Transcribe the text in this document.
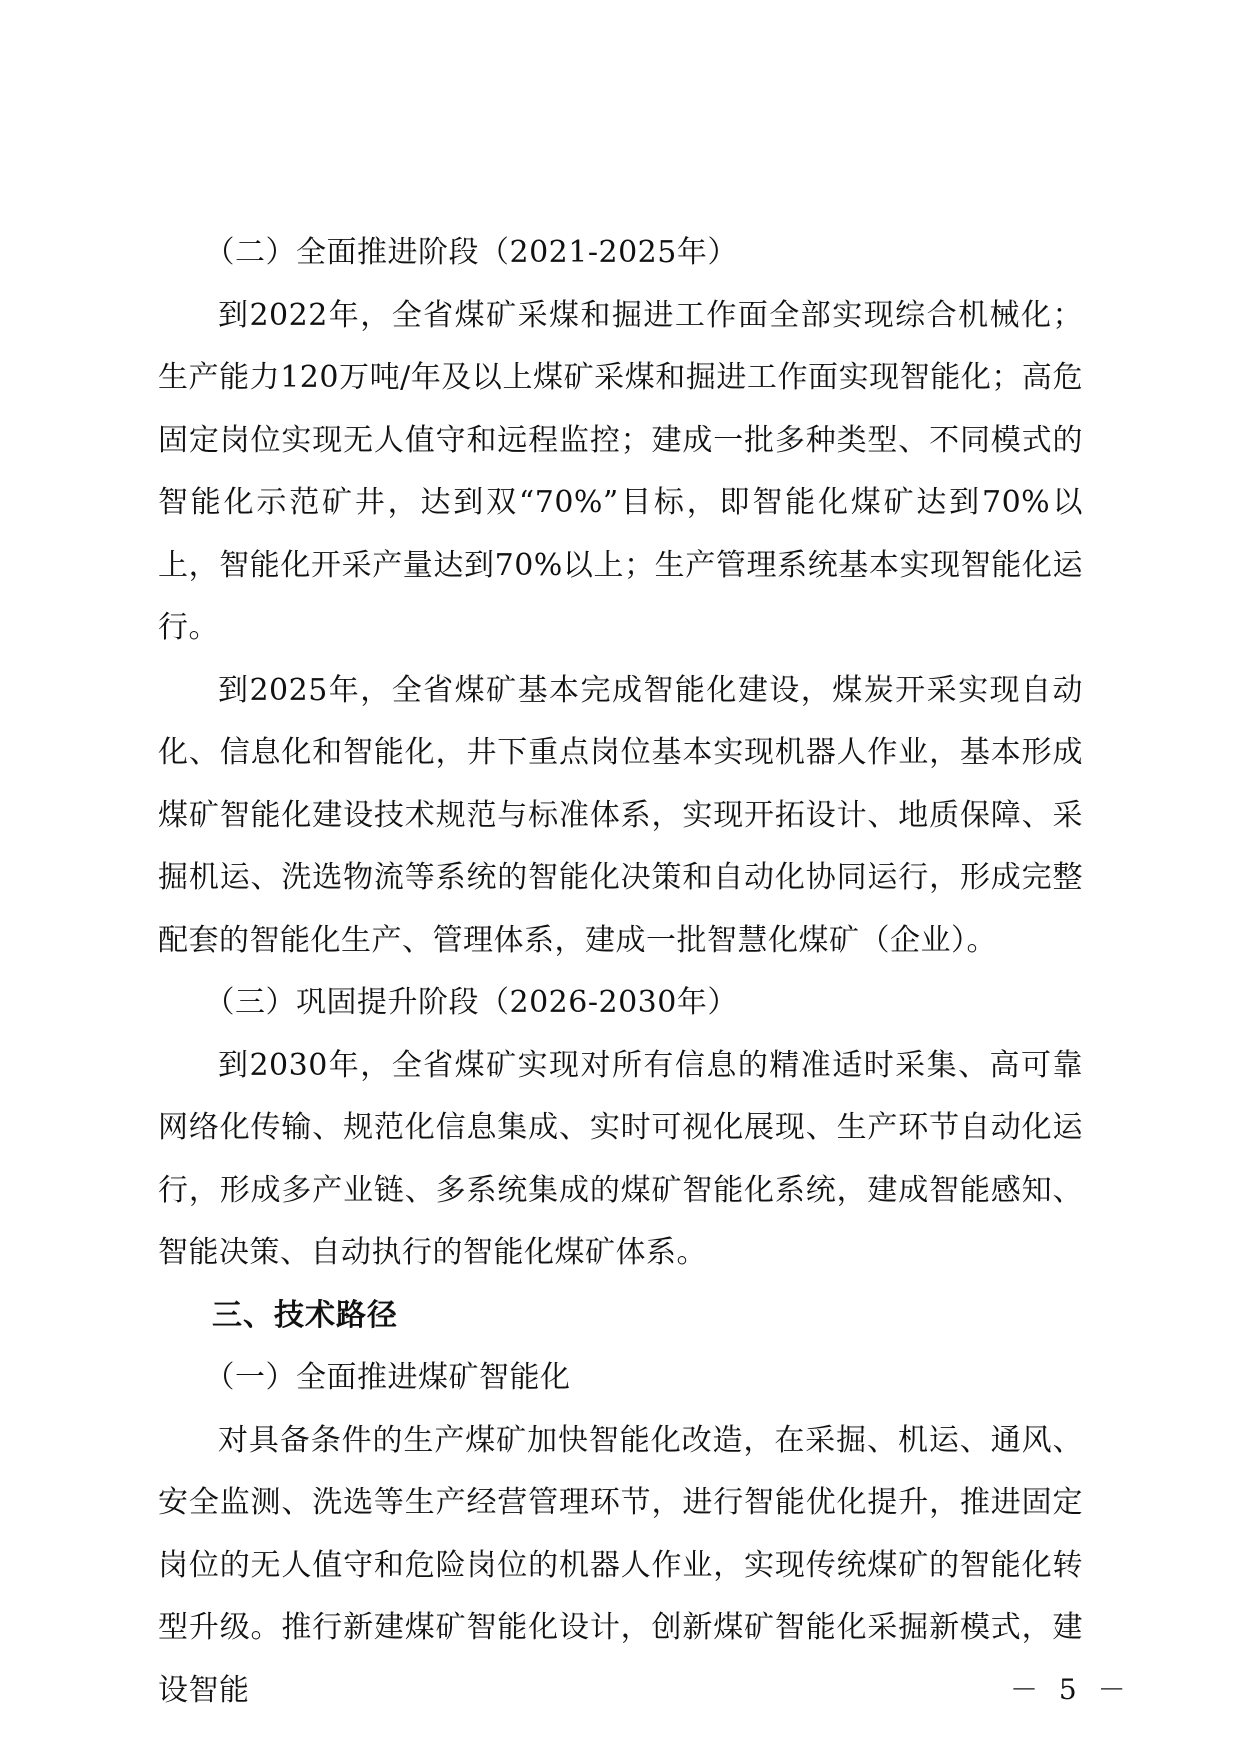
（二）全面推进阶段（2021-2025年）

到2022年，全省煤矿采煤和掘进工作面全部实现综合机械化；生产能力120万吨/年及以上煤矿采煤和掘进工作面实现智能化；高危固定岗位实现无人值守和远程监控；建成一批多种类型、不同模式的智能化示范矿井，达到双“70%”目标，即智能化煤矿达到70%以上，智能化开采产量达到70%以上；生产管理系统基本实现智能化运行。

到2025年，全省煤矿基本完成智能化建设，煤炭开采实现自动化、信息化和智能化，井下重点岗位基本实现机器人作业，基本形成煤矿智能化建设技术规范与标准体系，实现开拓设计、地质保障、采掘机运、洗选物流等系统的智能化决策和自动化协同运行，形成完整配套的智能化生产、管理体系，建成一批智慧化煤矿（企业）。

（三）巩固提升阶段（2026-2030年）

到2030年，全省煤矿实现对所有信息的精准适时采集、高可靠网络化传输、规范化信息集成、实时可视化展现、生产环节自动化运行，形成多产业链、多系统集成的煤矿智能化系统，建成智能感知、智能决策、自动执行的智能化煤矿体系。

三、技术路径

（一）全面推进煤矿智能化

对具备条件的生产煤矿加快智能化改造，在采掘、机运、通风、安全监测、洗选等生产经营管理环节，进行智能优化提升，推进固定岗位的无人值守和危险岗位的机器人作业，实现传统煤矿的智能化转型升级。推行新建煤矿智能化设计，创新煤矿智能化采掘新模式，建设智能	－ 5 －
